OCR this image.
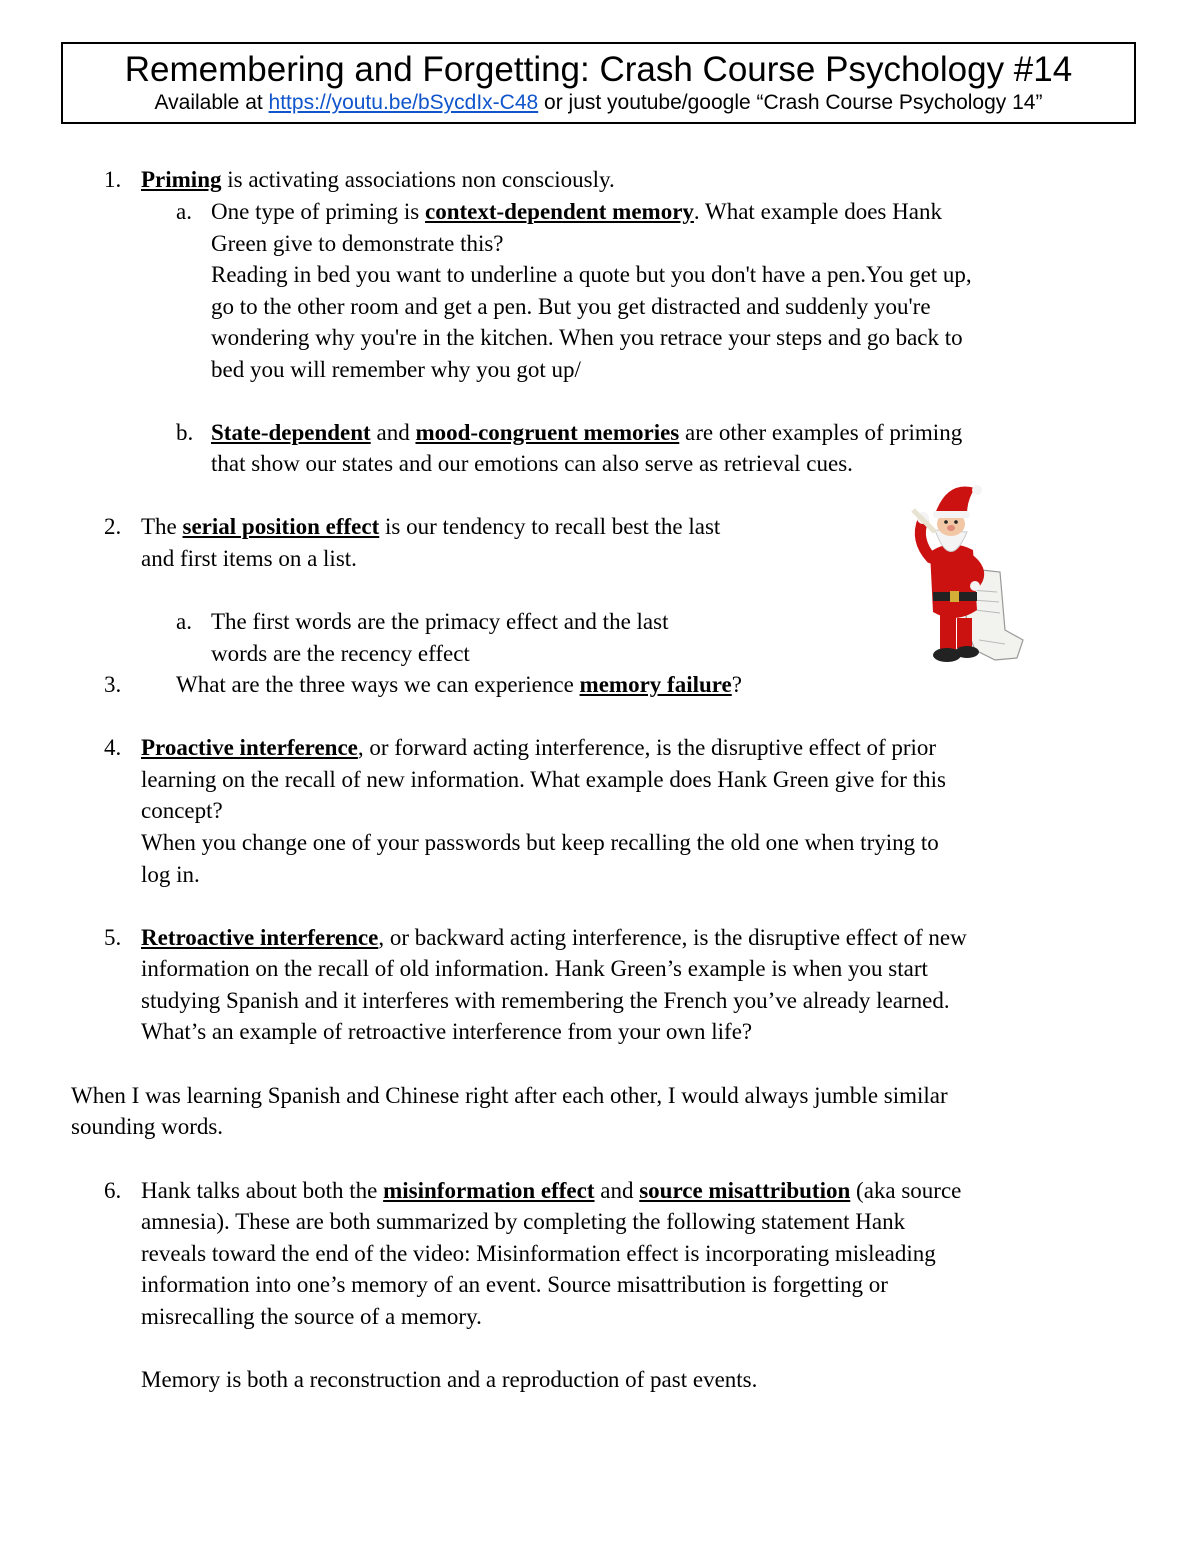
Remembering and Forgetting: Crash Course Psychology #14
Available at https://youtu.be/bSycdIx-C48 or just youtube/google “Crash Course Psychology 14”
1. Priming is activating associations non consciously.
a. One type of priming is context-dependent memory. What example does Hank
Green give to demonstrate this?
Reading in bed you want to underline a quote but you don't have a pen.You get up,
go to the other room and get a pen. But you get distracted and suddenly you're
wondering why you're in the kitchen. When you retrace your steps and go back to
bed you will remember why you got up/
b. State-dependent and mood-congruent memories are other examples of priming
that show our states and our emotions can also serve as retrieval cues.
2. The serial position effect is our tendency to recall best the last
and first items on a list.
a. The first words are the primacy effect and the last
words are the recency effect
3. What are the three ways we can experience memory failure?
4. Proactive interference, or forward acting interference, is the disruptive effect of prior
learning on the recall of new information. What example does Hank Green give for this
concept?
When you change one of your passwords but keep recalling the old one when trying to
log in.
5. Retroactive interference, or backward acting interference, is the disruptive effect of new
information on the recall of old information. Hank Green’s example is when you start
studying Spanish and it interferes with remembering the French you’ve already learned.
What’s an example of retroactive interference from your own life?
When I was learning Spanish and Chinese right after each other, I would always jumble similar
sounding words.
6. Hank talks about both the misinformation effect and source misattribution (aka source
amnesia). These are both summarized by completing the following statement Hank
reveals toward the end of the video: Misinformation effect is incorporating misleading
information into one’s memory of an event. Source misattribution is forgetting or
misrecalling the source of a memory.
Memory is both a reconstruction and a reproduction of past events.
